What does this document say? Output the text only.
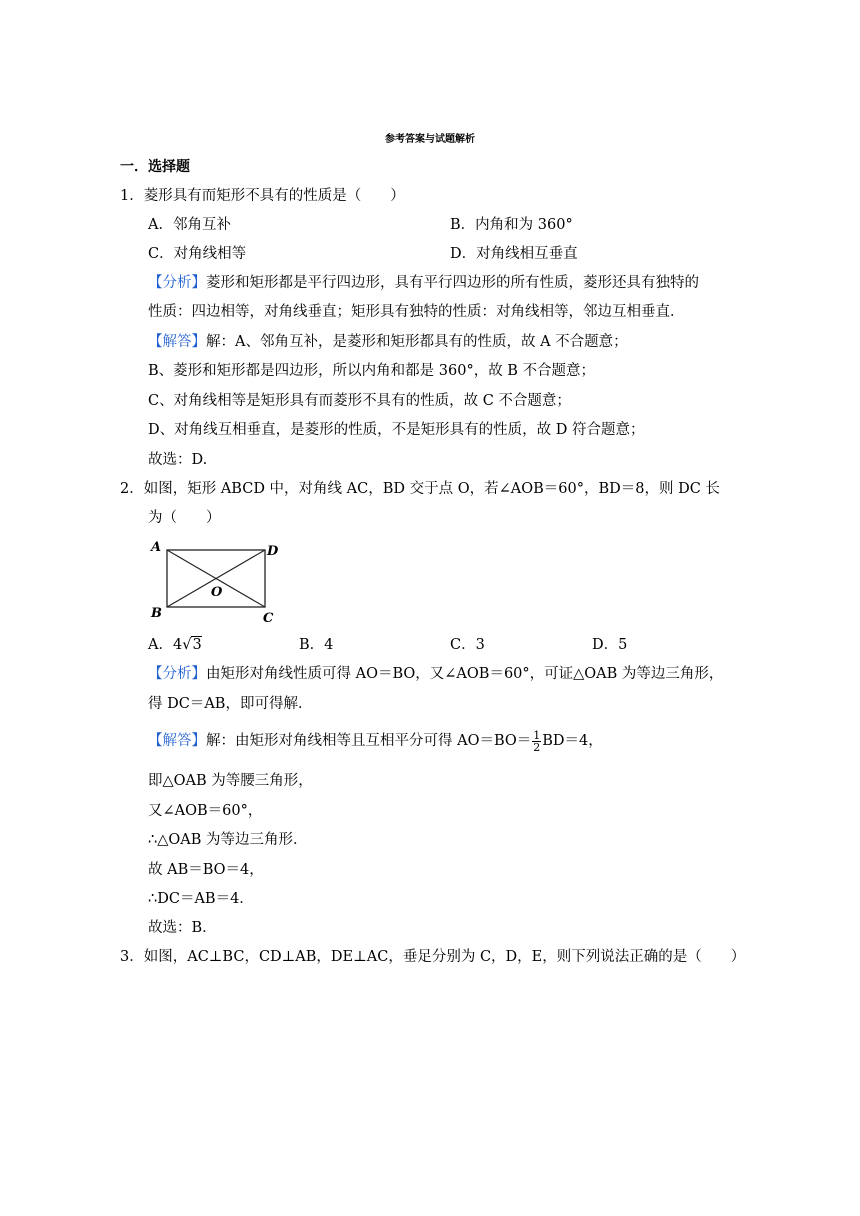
参考答案与试题解析
一．选择题
1．菱形具有而矩形不具有的性质是（　　）
A．邻角互补	B．内角和为 360°
C．对角线相等	D．对角线相互垂直
【分析】菱形和矩形都是平行四边形，具有平行四边形的所有性质，菱形还具有独特的
性质：四边相等，对角线垂直；矩形具有独特的性质：对角线相等，邻边互相垂直．
【解答】解：A、邻角互补，是菱形和矩形都具有的性质，故 A 不合题意；
B、菱形和矩形都是四边形，所以内角和都是 360°，故 B 不合题意；
C、对角线相等是矩形具有而菱形不具有的性质，故 C 不合题意；
D、对角线互相垂直，是菱形的性质，不是矩形具有的性质，故 D 符合题意；
故选：D.
2．如图，矩形 ABCD 中，对角线 AC，BD 交于点 O，若∠AOB＝60°，BD＝8，则 DC 长
为（　　）
A	D
B	C
O
A．4√3	B．4	C．3	D．5
【分析】由矩形对角线性质可得 AO＝BO，又∠AOB＝60°，可证△OAB 为等边三角形，
得 DC＝AB，即可得解．
【解答】解：由矩形对角线相等且互相平分可得 $AO=BO= \frac{1}{2} BD=4$，
即△OAB 为等腰三角形，
又∠AOB＝60°，
∴△OAB 为等边三角形．
故 AB＝BO＝4，
∴DC＝AB＝4．
故选：B．
3．如图，AC⊥BC，CD⊥AB，DE⊥AC，垂足分别为 C，D，E，则下列说法正确的是（　　）
